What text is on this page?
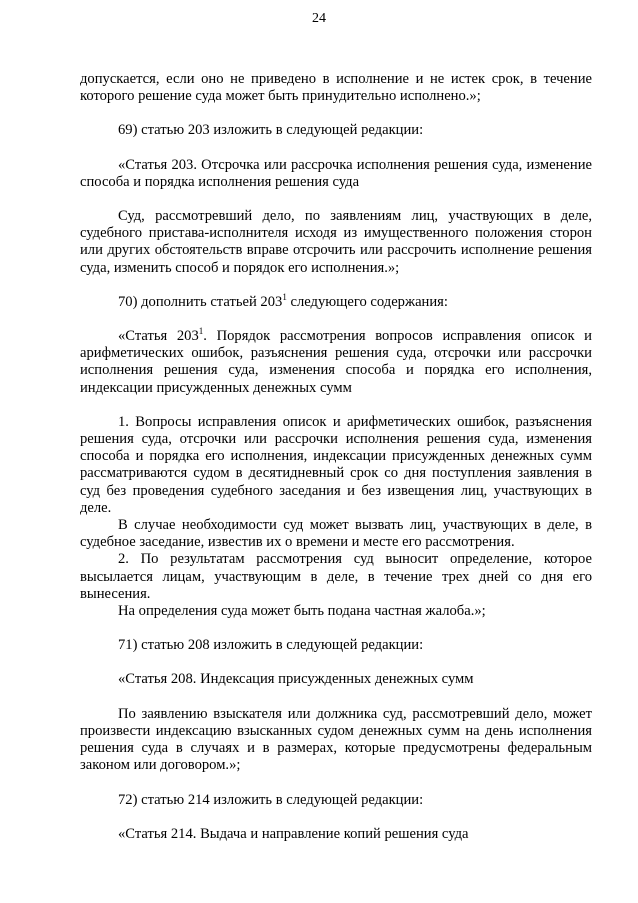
24

допускается, если оно не приведено в исполнение и не истек срок, в течение которого решение суда может быть принудительно исполнено.»;

69) статью 203 изложить в следующей редакции:

«Статья 203. Отсрочка или рассрочка исполнения решения суда, изменение способа и порядка исполнения решения суда

Суд, рассмотревший дело, по заявлениям лиц, участвующих в деле, судебного пристава-исполнителя исходя из имущественного положения сторон или других обстоятельств вправе отсрочить или рассрочить исполнение решения суда, изменить способ и порядок его исполнения.»;

70) дополнить статьей $203^1$ следующего содержания:

«Статья $203^1$. Порядок рассмотрения вопросов исправления описок и арифметических ошибок, разъяснения решения суда, отсрочки или рассрочки исполнения решения суда, изменения способа и порядка его исполнения, индексации присужденных денежных сумм

1. Вопросы исправления описок и арифметических ошибок, разъяснения решения суда, отсрочки или рассрочки исполнения решения суда, изменения способа и порядка его исполнения, индексации присужденных денежных сумм рассматриваются судом в десятидневный срок со дня поступления заявления в суд без проведения судебного заседания и без извещения лиц, участвующих в деле.

В случае необходимости суд может вызвать лиц, участвующих в деле, в судебное заседание, известив их о времени и месте его рассмотрения.

2. По результатам рассмотрения суд выносит определение, которое высылается лицам, участвующим в деле, в течение трех дней со дня его вынесения.

На определения суда может быть подана частная жалоба.»;

71) статью 208 изложить в следующей редакции:

«Статья 208. Индексация присужденных денежных сумм

По заявлению взыскателя или должника суд, рассмотревший дело, может произвести индексацию взысканных судом денежных сумм на день исполнения решения суда в случаях и в размерах, которые предусмотрены федеральным законом или договором.»;

72) статью 214 изложить в следующей редакции:

«Статья 214. Выдача и направление копий решения суда
